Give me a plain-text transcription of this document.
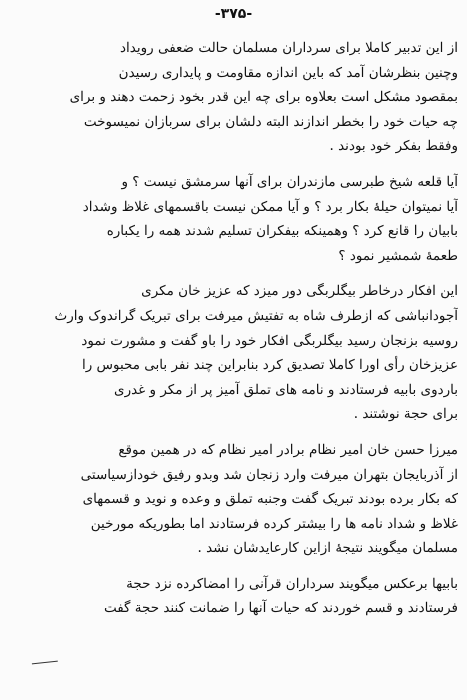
-۳۷۵-
از این تدبیر کاملا برای سرداران مسلمان حالت ضعفی رویداد
وچنین بنظرشان آمد که باین اندازه مقاومت و پایداری رسیدن
بمقصود مشکل است بعلاوه برای چه این قدر بخود زحمت دهند و برای
چه حیات خود را بخطر اندازند البته دلشان برای سربازان نمیسوخت
وفقط بفکر خود بودند .
آیا قلعه شیخ طبرسی مازندران برای آنها سرمشق نیست ؟ و
آیا نمیتوان حیلهٔ بکار برد ؟ و آیا ممکن نیست باقسمهای غلاظ وشداد
بابیان را قانع کرد ؟ وهمینکه بیفکران تسلیم شدند همه را یکباره
طعمهٔ شمشیر نمود ؟
این افکار درخاطر بیگلربگی دور میزد که عزیز خان مکری
آجودانباشی که ازطرف شاه به تفتیش میرفت برای تبریک گراندوک وارث
روسیه بزنجان رسید بیگلربگی افکار خود را باو گفت و مشورت نمود
عزیزخان رأی اورا کاملا تصدیق کرد بنابراین چند نفر بابی محبوس را
باردوی بابیه فرستادند و نامه های تملق آمیز پر از مکر و غدری
برای حجة نوشتند .
میرزا حسن خان امیر نظام برادر امیر نظام که در همین موقع
از آذربایجان بتهران میرفت وارد زنجان شد وبدو رفیق خودازسیاستی
که بکار برده بودند تبریک گفت وجنبه تملق و وعده و نوید و قسمهای
غلاظ و شداد نامه ها را بیشتر کرده فرستادند اما بطوریکه مورخین
مسلمان میگویند نتیجهٔ ازاین کارعایدشان نشد .
بابیها برعکس میگویند سرداران قرآنی را امضاکرده نزد حجة
فرستادند و قسم خوردند که حیات آنها را ضمانت کنند حجة گفت
